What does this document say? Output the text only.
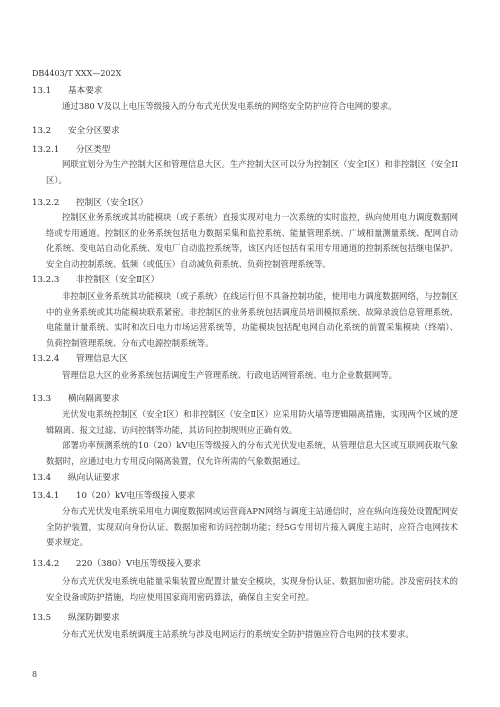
DB4403/T XXX—202X
13.1 基本要求
通过380 V及以上电压等级接入的分布式光伏发电系统的网络安全防护应符合电网的要求。
13.2 安全分区要求
13.2.1 分区类型
网联宜划分为生产控制大区和管理信息大区。生产控制大区可以分为控制区（安全I区）和非控制区（安全II区）。
13.2.2 控制区（安全Ⅰ区）
控制区业务系统或其功能模块（或子系统）直接实现对电力一次系统的实时监控，纵向使用电力调度数据网络或专用通道。控制区的业务系统包括电力数据采集和监控系统、能量管理系统、广域相量测量系统、配网自动化系统、变电站自动化系统、发电厂自动监控系统等，该区内还包括有采用专用通道的控制系统包括继电保护、安全自动控制系统、低频（或低压）自动减负荷系统、负荷控制管理系统等。
13.2.3 非控制区（安全Ⅱ区）
非控制区业务系统其功能模块（或子系统）在线运行但不具备控制功能，使用电力调度数据网络，与控制区中的业务系统或其功能模块联系紧密。非控制区的业务系统包括调度员培训模拟系统、故障录波信息管理系统、电能量计量系统、实时和次日电力市场运营系统等，功能模块包括配电网自动化系统的前置采集模块（终端）、负荷控制管理系统、分布式电源控制系统等。
13.2.4 管理信息大区
管理信息大区的业务系统包括调度生产管理系统、行政电话网管系统、电力企业数据网等。
13.3 横向隔离要求
光伏发电系统控制区（安全Ⅰ区）和非控制区（安全Ⅱ区）应采用防火墙等逻辑隔离措施，实现两个区域的逻辑隔离、报文过滤、访问控制等功能，其访问控制规则应正确有效。
部署功率预测系统的10（20）kV电压等级接入的分布式光伏发电系统，从管理信息大区或互联网获取气象数据时，应通过电力专用反向隔离装置，仅允许所需的气象数据通过。
13.4 纵向认证要求
13.4.1 10（20）kV电压等级接入要求
分布式光伏发电系统采用电力调度数据网或运营商APN网络与调度主站通信时，应在纵向连接处设置配网安全防护装置，实现双向身份认证、数据加密和访问控制功能；经5G专用切片接入调度主站时，应符合电网技术要求规定。
13.4.2 220（380）V电压等级接入要求
分布式光伏发电系统电能量采集装置应配置计量安全模块，实现身份认证、数据加密功能。涉及密码技术的安全设备或防护措施，均应使用国家商用密码算法，确保自主安全可控。
13.5 纵深防御要求
分布式光伏发电系统调度主站系统与涉及电网运行的系统安全防护措施应符合电网的技术要求。
8
